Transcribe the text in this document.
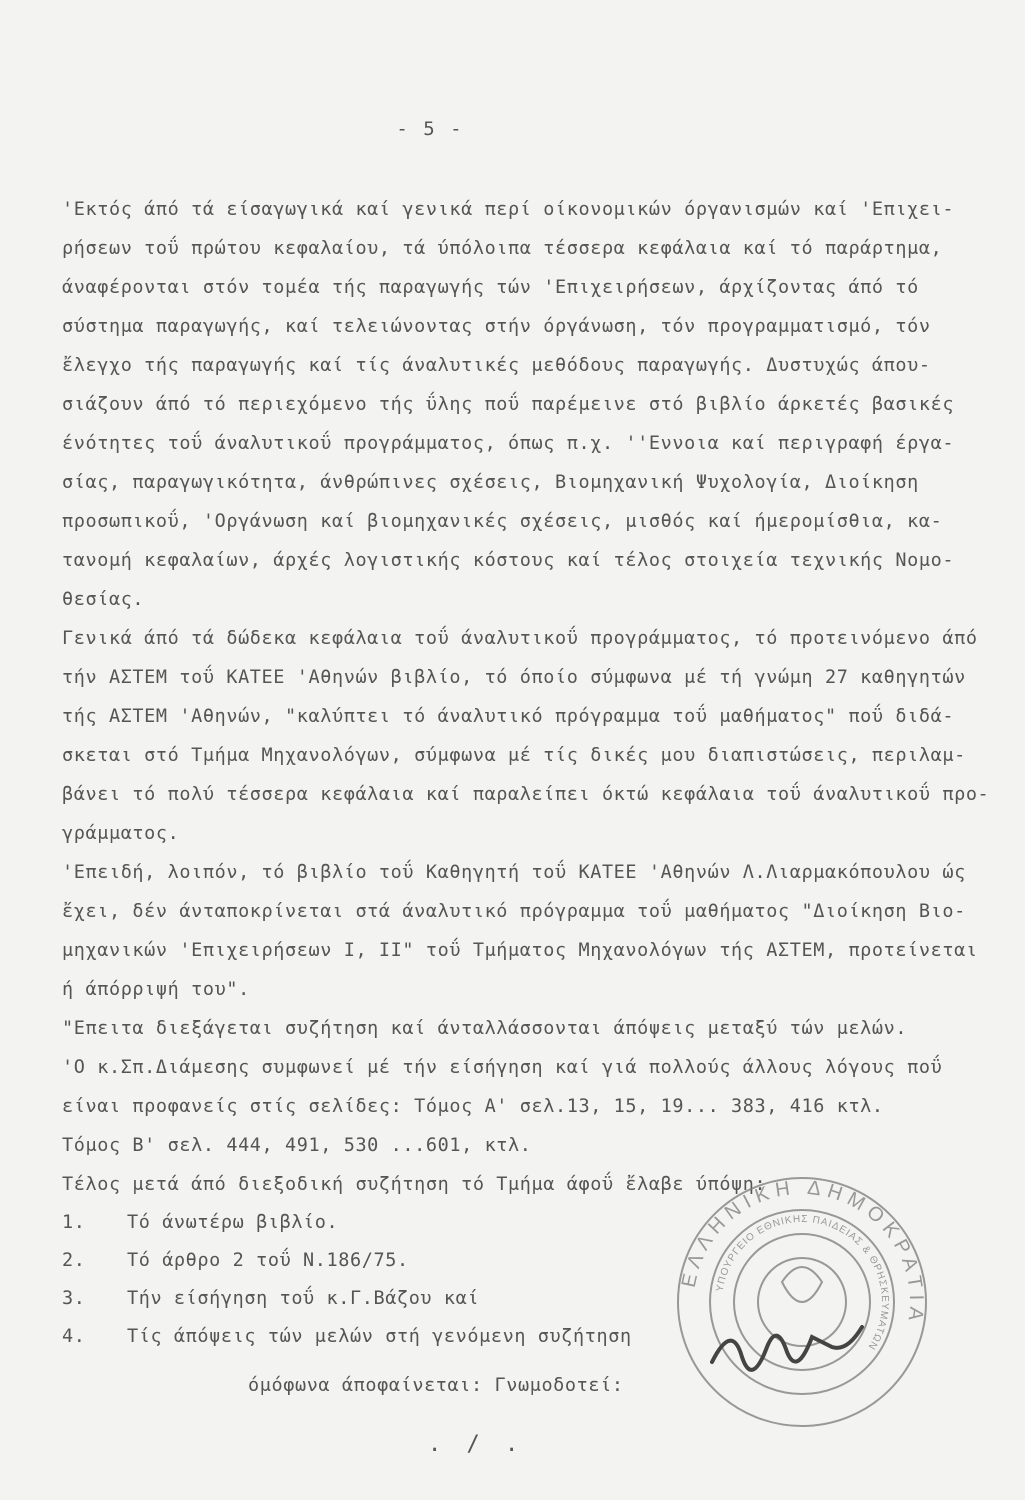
- 5 -
'Εκτός άπό τά είσαγωγικά καί γενικά περί οίκονομικών όργανισμών καί 'Επιχει-
ρήσεων τοΰ πρώτου κεφαλαίου, τά ύπόλοιπα τέσσερα κεφάλαια καί τό παράρτημα,
άναφέρονται στόν τομέα τής παραγωγής τών 'Επιχειρήσεων, άρχίζοντας άπό τό
σύστημα παραγωγής, καί τελειώνοντας στήν όργάνωση, τόν προγραμματισμό, τόν
ἔλεγχο τής παραγωγής καί τίς άναλυτικές μεθόδους παραγωγής. Δυστυχώς άπου-
σιάζουν άπό τό περιεχόμενο τής ΰλης ποΰ παρέμεινε στό βιβλίο άρκετές βασικές
ένότητες τοΰ άναλυτικοΰ προγράμματος, όπως π.χ. ''Εννοια καί περιγραφή έργα-
σίας, παραγωγικότητα, άνθρώπινες σχέσεις, Βιομηχανική Ψυχολογία, Διοίκηση
προσωπικοΰ, 'Οργάνωση καί βιομηχανικές σχέσεις, μισθός καί ήμερομίσθια, κα-
τανομή κεφαλαίων, άρχές λογιστικής κόστους καί τέλος στοιχεία τεχνικής Νομο-
θεσίας.
Γενικά άπό τά δώδεκα κεφάλαια τοΰ άναλυτικοΰ προγράμματος, τό προτεινόμενο άπό
τήν ΑΣΤΕΜ τοΰ ΚΑΤΕΕ 'Αθηνών βιβλίο, τό όποίο σύμφωνα μέ τή γνώμη 27 καθηγητών
τής ΑΣΤΕΜ 'Αθηνών, "καλύπτει τό άναλυτικό πρόγραμμα τοΰ μαθήματος" ποΰ διδά-
σκεται στό Τμήμα Μηχανολόγων, σύμφωνα μέ τίς δικές μου διαπιστώσεις, περιλαμ-
βάνει τό πολύ τέσσερα κεφάλαια καί παραλείπει όκτώ κεφάλαια τοΰ άναλυτικοΰ προ-
γράμματος.
'Επειδή, λοιπόν, τό βιβλίο τοΰ Καθηγητή τοΰ ΚΑΤΕΕ 'Αθηνών Λ.Λιαρμακόπουλου ώς
ἔχει, δέν άνταποκρίνεται στά άναλυτικό πρόγραμμα τοΰ μαθήματος "Διοίκηση Βιο-
μηχανικών 'Επιχειρήσεων Ι, ΙΙ" τοΰ Τμήματος Μηχανολόγων τής ΑΣΤΕΜ, προτείνεται
ή άπόρριψή του".
"Επειτα διεξάγεται συζήτηση καί άνταλλάσσονται άπόψεις μεταξύ τών μελών.
'Ο κ.Σπ.Διάμεσης συμφωνεί μέ τήν είσήγηση καί γιά πολλούς άλλους λόγους ποΰ
είναι προφανείς στίς σελίδες: Τόμος Α' σελ.13, 15, 19... 383, 416 κτλ.
Τόμος Β' σελ. 444, 491, 530 ...601, κτλ.
Τέλος μετά άπό διεξοδική συζήτηση τό Τμήμα άφοΰ ἔλαβε ύπόψη:
1. Τό άνωτέρω βιβλίο.
2. Τό άρθρο 2 τοΰ Ν.186/75.
3. Τήν είσήγηση τοΰ κ.Γ.Βάζου καί
4. Τίς άπόψεις τών μελών στή γενόμενη συζήτηση
όμόφωνα άποφαίνεται: Γνωμοδοτεί:
. / .
ΕΛΛΗΝΙΚΗ ΔΗΜΟΚΡΑΤΙΑ
ΥΠΟΥΡΓΕΙΟ ΕΘΝΙΚΗΣ ΠΑΙΔΕΙΑΣ & ΘΡΗΣΚΕΥΜΑΤΩΝ
